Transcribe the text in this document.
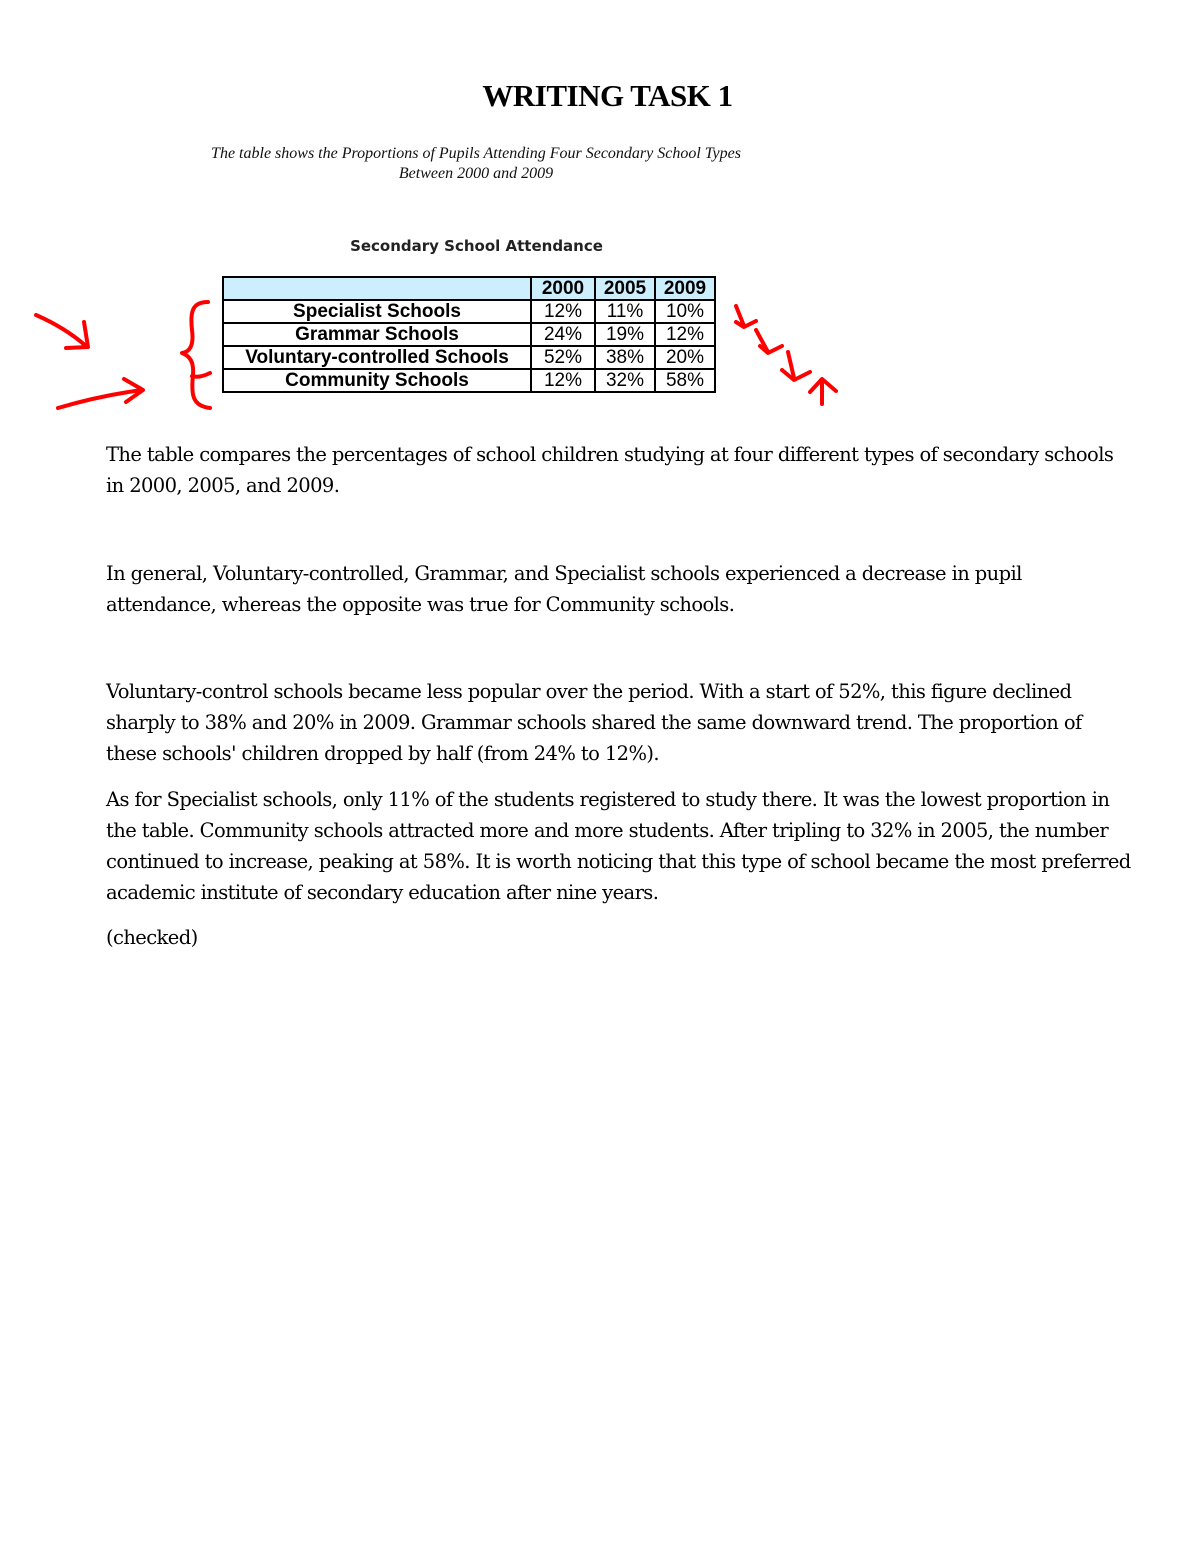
WRITING TASK 1
The table shows the Proportions of Pupils Attending Four Secondary School Types
Between 2000 and 2009
Secondary School Attendance
	2000	2005	2009
Specialist Schools	12%	11%	10%
Grammar Schools	24%	19%	12%
Voluntary-controlled Schools	52%	38%	20%
Community Schools	12%	32%	58%

The table compares the percentages of school children studying at four different types of secondary schools in 2000, 2005, and 2009.

In general, Voluntary-controlled, Grammar, and Specialist schools experienced a decrease in pupil attendance, whereas the opposite was true for Community schools.

Voluntary-control schools became less popular over the period. With a start of 52%, this figure declined sharply to 38% and 20% in 2009. Grammar schools shared the same downward trend. The proportion of these schools' children dropped by half (from 24% to 12%).

As for Specialist schools, only 11% of the students registered to study there. It was the lowest proportion in the table. Community schools attracted more and more students. After tripling to 32% in 2005, the number continued to increase, peaking at 58%. It is worth noticing that this type of school became the most preferred academic institute of secondary education after nine years.

(checked)
